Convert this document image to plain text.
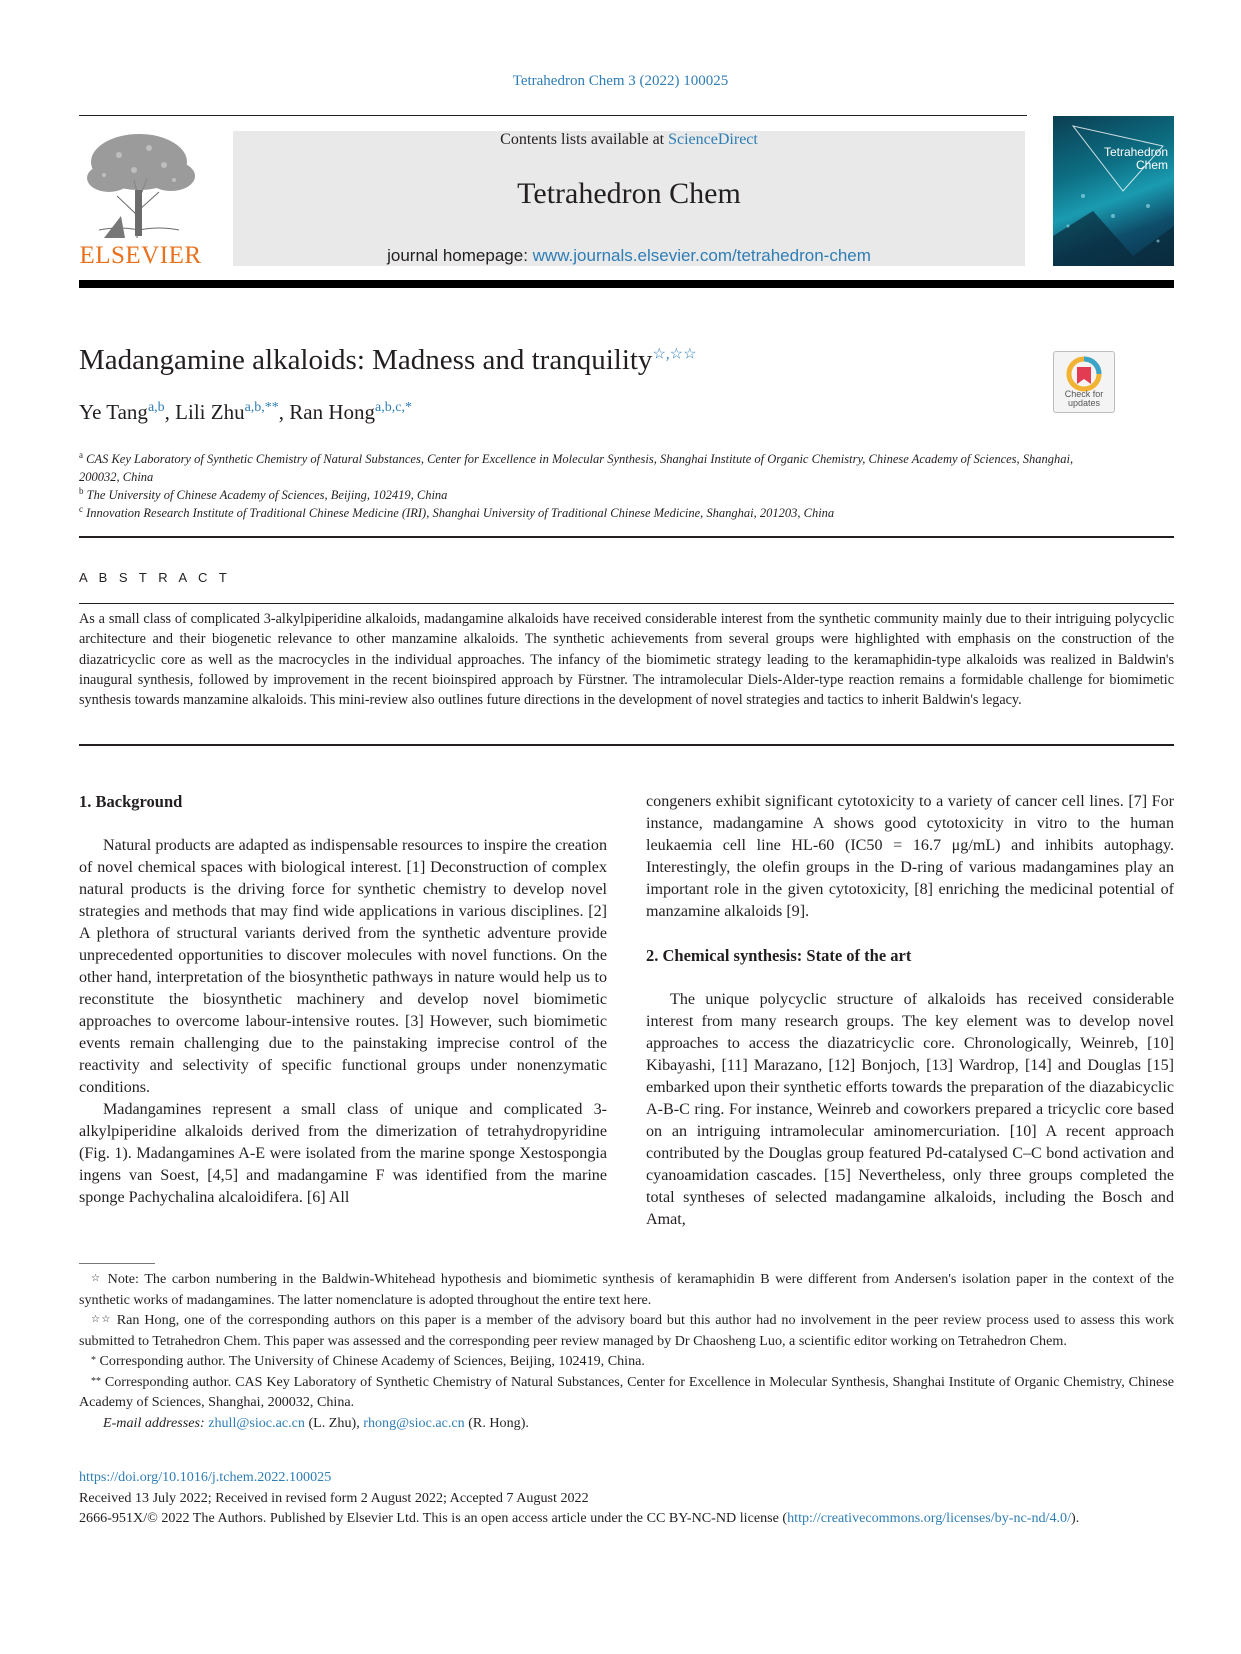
Tetrahedron Chem 3 (2022) 100025
ELSEVIER
Contents lists available at ScienceDirect
Tetrahedron Chem
journal homepage: www.journals.elsevier.com/tetrahedron-chem
Tetrahedron
Chem
Madangamine alkaloids: Madness and tranquility☆,☆☆
Check for
updates
Ye Tang$^{a,b}$, Lili Zhu$^{a,b,**}$, Ran Hong$^{a,b,c,*}$
$^a$ CAS Key Laboratory of Synthetic Chemistry of Natural Substances, Center for Excellence in Molecular Synthesis, Shanghai Institute of Organic Chemistry, Chinese Academy of Sciences, Shanghai, 200032, China
$^b$ The University of Chinese Academy of Sciences, Beijing, 102419, China
$^c$ Innovation Research Institute of Traditional Chinese Medicine (IRI), Shanghai University of Traditional Chinese Medicine, Shanghai, 201203, China
A B S T R A C T
As a small class of complicated 3-alkylpiperidine alkaloids, madangamine alkaloids have received considerable interest from the synthetic community mainly due to their intriguing polycyclic architecture and their biogenetic relevance to other manzamine alkaloids. The synthetic achievements from several groups were highlighted with emphasis on the construction of the diazatricyclic core as well as the macrocycles in the individual approaches. The infancy of the biomimetic strategy leading to the keramaphidin-type alkaloids was realized in Baldwin's inaugural synthesis, followed by improvement in the recent bioinspired approach by Fürstner. The intramolecular Diels-Alder-type reaction remains a formidable challenge for biomimetic synthesis towards manzamine alkaloids. This mini-review also outlines future directions in the development of novel strategies and tactics to inherit Baldwin's legacy.

1. Background

Natural products are adapted as indispensable resources to inspire the creation of novel chemical spaces with biological interest. [1] Deconstruction of complex natural products is the driving force for synthetic chemistry to develop novel strategies and methods that may find wide applications in various disciplines. [2] A plethora of structural variants derived from the synthetic adventure provide unprecedented opportunities to discover molecules with novel functions. On the other hand, interpretation of the biosynthetic pathways in nature would help us to reconstitute the biosynthetic machinery and develop novel biomimetic approaches to overcome labour-intensive routes. [3] However, such biomimetic events remain challenging due to the painstaking imprecise control of the reactivity and selectivity of specific functional groups under nonenzymatic conditions.

Madangamines represent a small class of unique and complicated 3-alkylpiperidine alkaloids derived from the dimerization of tetrahydropyridine (Fig. 1). Madangamines A-E were isolated from the marine sponge Xestospongia ingens van Soest, [4,5] and madangamine F was identified from the marine sponge Pachychalina alcaloidifera. [6] All

congeners exhibit significant cytotoxicity to a variety of cancer cell lines. [7] For instance, madangamine A shows good cytotoxicity in vitro to the human leukaemia cell line HL-60 (IC50 = 16.7 μg/mL) and inhibits autophagy. Interestingly, the olefin groups in the D-ring of various madangamines play an important role in the given cytotoxicity, [8] enriching the medicinal potential of manzamine alkaloids [9].

2. Chemical synthesis: State of the art

The unique polycyclic structure of alkaloids has received considerable interest from many research groups. The key element was to develop novel approaches to access the diazatricyclic core. Chronologically, Weinreb, [10] Kibayashi, [11] Marazano, [12] Bonjoch, [13] Wardrop, [14] and Douglas [15] embarked upon their synthetic efforts towards the preparation of the diazabicyclic A-B-C ring. For instance, Weinreb and coworkers prepared a tricyclic core based on an intriguing intramolecular aminomercuriation. [10] A recent approach contributed by the Douglas group featured Pd-catalysed C–C bond activation and cyanoamidation cascades. [15] Nevertheless, only three groups completed the total syntheses of selected madangamine alkaloids, including the Bosch and Amat,

☆ Note: The carbon numbering in the Baldwin-Whitehead hypothesis and biomimetic synthesis of keramaphidin B were different from Andersen's isolation paper in the context of the synthetic works of madangamines. The latter nomenclature is adopted throughout the entire text here.
☆☆ Ran Hong, one of the corresponding authors on this paper is a member of the advisory board but this author had no involvement in the peer review process used to assess this work submitted to Tetrahedron Chem. This paper was assessed and the corresponding peer review managed by Dr Chaosheng Luo, a scientific editor working on Tetrahedron Chem.
* Corresponding author. The University of Chinese Academy of Sciences, Beijing, 102419, China.
** Corresponding author. CAS Key Laboratory of Synthetic Chemistry of Natural Substances, Center for Excellence in Molecular Synthesis, Shanghai Institute of Organic Chemistry, Chinese Academy of Sciences, Shanghai, 200032, China.
E-mail addresses: zhull@sioc.ac.cn (L. Zhu), rhong@sioc.ac.cn (R. Hong).
https://doi.org/10.1016/j.tchem.2022.100025
Received 13 July 2022; Received in revised form 2 August 2022; Accepted 7 August 2022
2666-951X/© 2022 The Authors. Published by Elsevier Ltd. This is an open access article under the CC BY-NC-ND license (http://creativecommons.org/licenses/by-nc-nd/4.0/).
